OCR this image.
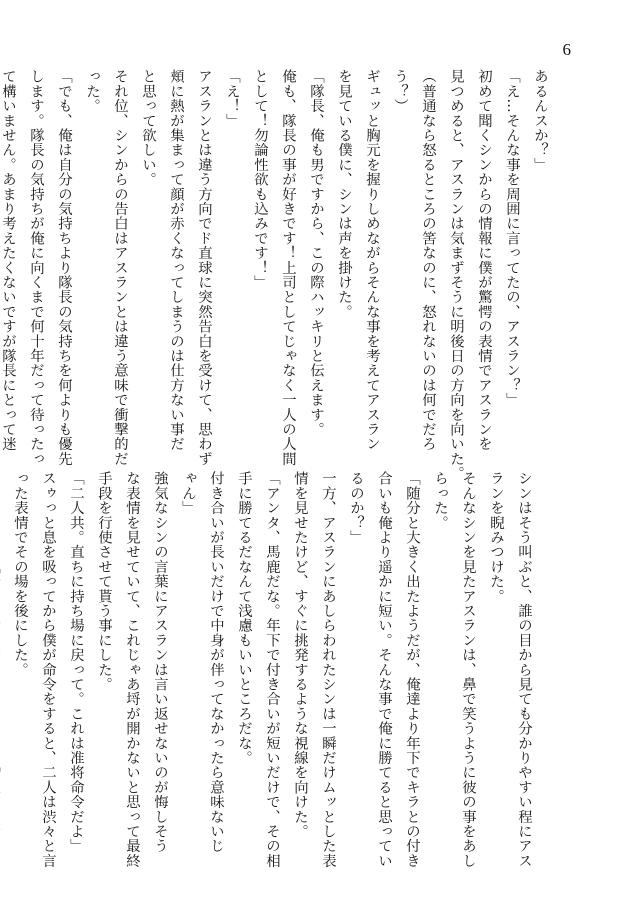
6
あるんスか？」
「え…そんな事を周囲に言ってたの、アスラン？」
初めて聞くシンからの情報に僕が驚愕の表情でアスランを
見つめると、アスランは気まずそうに明後日の方向を向いた。
（普通なら怒るところの筈なのに、怒れないのは何でだろ
う？）
ギュッと胸元を握りしめながらそんな事を考えてアスラン
を見ている僕に、シンは声を掛けた。
「隊長、俺も男ですから、この際ハッキリと伝えます。
俺も、隊長の事が好きです！上司としてじゃなく一人の人間
として！勿論性欲も込みです！」
「え！」
アスランとは違う方向でド直球に突然告白を受けて、思わず
頬に熱が集まって顔が赤くなってしまうのは仕方ない事だ
と思って欲しい。
それ位、シンからの告白はアスランとは違う意味で衝撃的だ
った。
「でも、俺は自分の気持ちより隊長の気持ちを何よりも優先
します。隊長の気持ちが俺に向くまで何十年だって待ったっ
て構いません。あまり考えたくないですが隊長にとって迷
シンはそう叫ぶと、誰の目から見ても分かりやすい程にアス
ランを睨みつけた。
そんなシンを見たアスランは、鼻で笑うように彼の事をあし
らった。
「随分と大きく出たようだが、俺達より年下でキラとの付き
合いも俺より遥かに短い。そんな事で俺に勝てると思ってい
るのか？」
一方、アスランにあしらわれたシンは一瞬だけムッとした表
情を見せたけど、すぐに挑発するような視線を向けた。
「アンタ、馬鹿だな。年下で付き合いが短いだけで、その相
手に勝てるだなんて浅慮もいいところだな。
付き合いが長いだけで中身が伴ってなかったら意味ないじ
ゃん」
強気なシンの言葉にアスランは言い返せないのが悔しそう
な表情を見せていて、これじゃあ埒が開かないと思って最終
手段を行使させて貰う事にした。
「二人共。直ちに持ち場に戻って。これは准将命令だよ」
スゥっと息を吸ってから僕が命令をすると、二人は渋々と言
った表情でその場を後にした。
